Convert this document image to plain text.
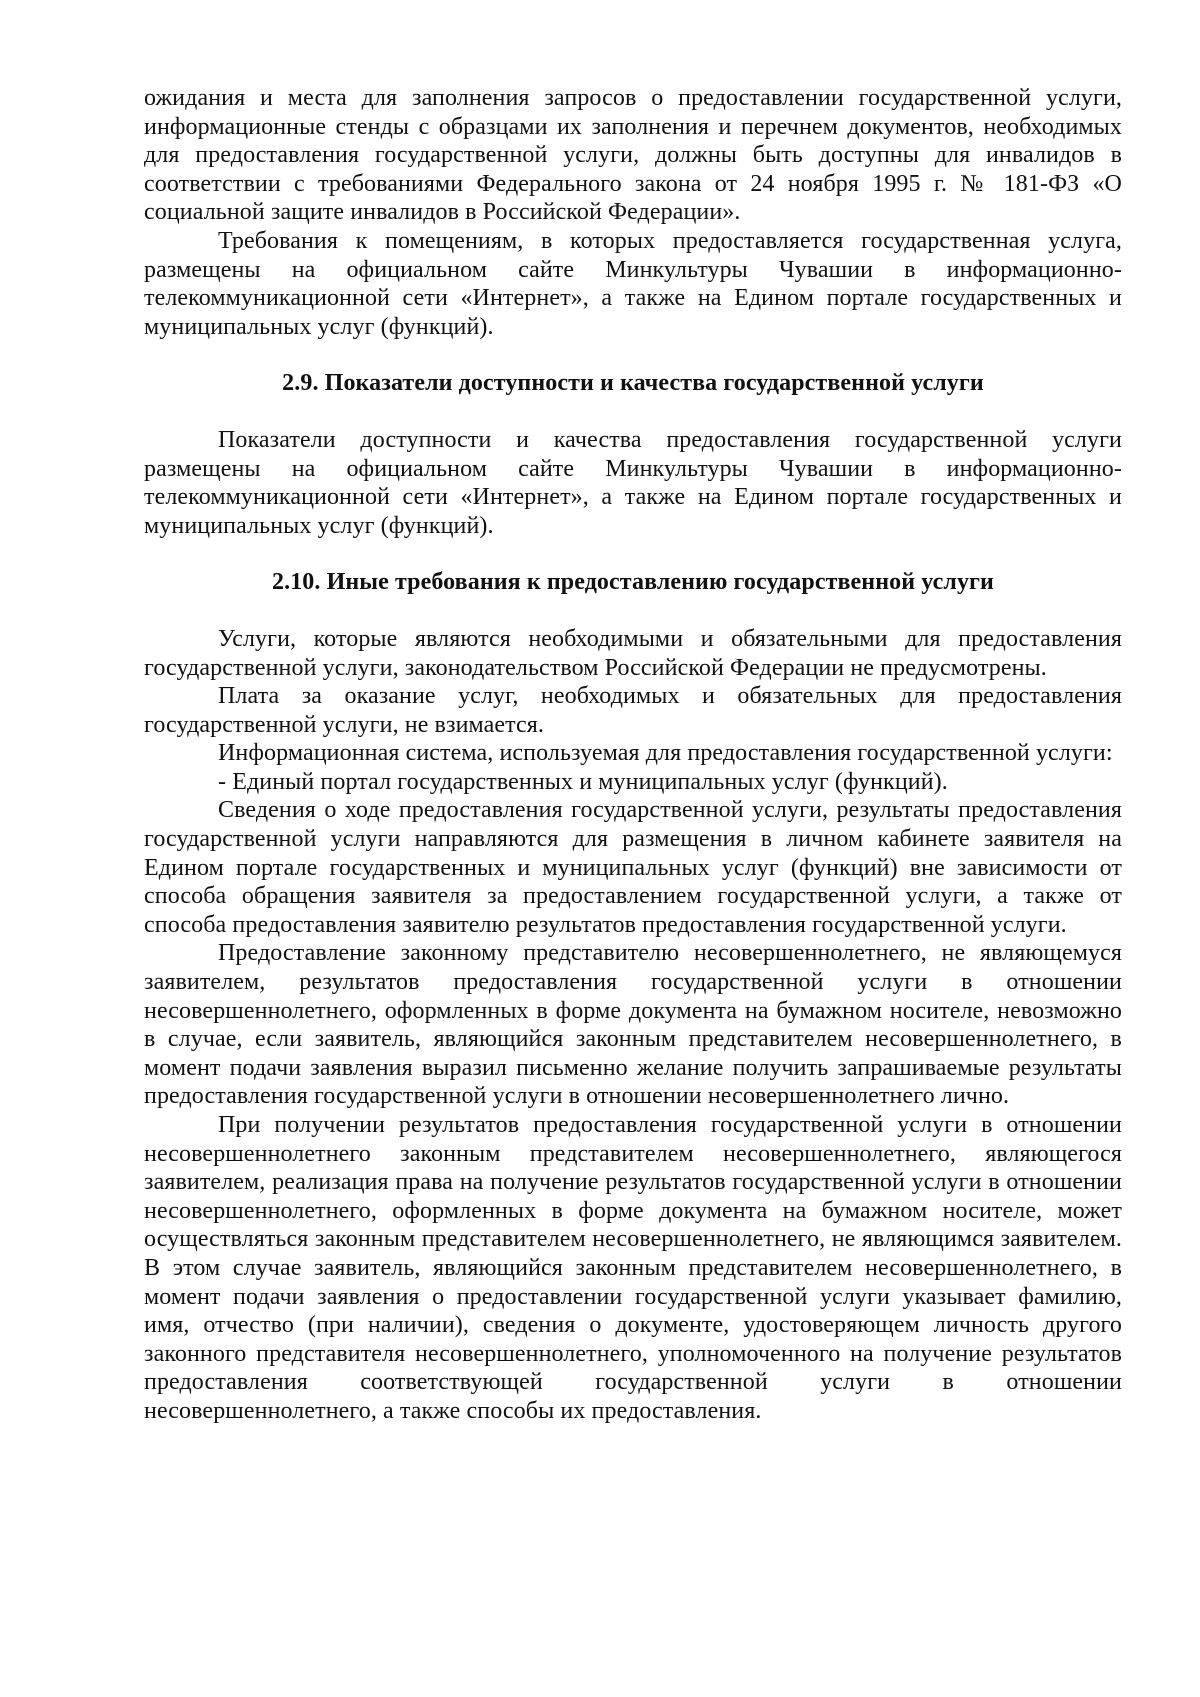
ожидания и места для заполнения запросов о предоставлении государственной услуги, информационные стенды с образцами их заполнения и перечнем документов, необходимых для предоставления государственной услуги, должны быть доступны для инвалидов в соответствии с требованиями Федерального закона от 24 ноября 1995 г. № 181-ФЗ «О социальной защите инвалидов в Российской Федерации».

Требования к помещениям, в которых предоставляется государственная услуга, размещены на официальном сайте Минкультуры Чувашии в информационно-телекоммуникационной сети «Интернет», а также на Едином портале государственных и муниципальных услуг (функций).

2.9. Показатели доступности и качества государственной услуги

Показатели доступности и качества предоставления государственной услуги размещены на официальном сайте Минкультуры Чувашии в информационно-телекоммуникационной сети «Интернет», а также на Едином портале государственных и муниципальных услуг (функций).

2.10. Иные требования к предоставлению государственной услуги

Услуги, которые являются необходимыми и обязательными для предоставления государственной услуги, законодательством Российской Федерации не предусмотрены.

Плата за оказание услуг, необходимых и обязательных для предоставления государственной услуги, не взимается.

Информационная система, используемая для предоставления государственной услуги:

- Единый портал государственных и муниципальных услуг (функций).

Сведения о ходе предоставления государственной услуги, результаты предоставления государственной услуги направляются для размещения в личном кабинете заявителя на Едином портале государственных и муниципальных услуг (функций) вне зависимости от способа обращения заявителя за предоставлением государственной услуги, а также от способа предоставления заявителю результатов предоставления государственной услуги.

Предоставление законному представителю несовершеннолетнего, не являющемуся заявителем, результатов предоставления государственной услуги в отношении несовершеннолетнего, оформленных в форме документа на бумажном носителе, невозможно в случае, если заявитель, являющийся законным представителем несовершеннолетнего, в момент подачи заявления выразил письменно желание получить запрашиваемые результаты предоставления государственной услуги в отношении несовершеннолетнего лично.

При получении результатов предоставления государственной услуги в отношении несовершеннолетнего законным представителем несовершеннолетнего, являющегося заявителем, реализация права на получение результатов государственной услуги в отношении несовершеннолетнего, оформленных в форме документа на бумажном носителе, может осуществляться законным представителем несовершеннолетнего, не являющимся заявителем. В этом случае заявитель, являющийся законным представителем несовершеннолетнего, в момент подачи заявления о предоставлении государственной услуги указывает фамилию, имя, отчество (при наличии), сведения о документе, удостоверяющем личность другого законного представителя несовершеннолетнего, уполномоченного на получение результатов предоставления соответствующей государственной услуги в отношении несовершеннолетнего, а также способы их предоставления.
